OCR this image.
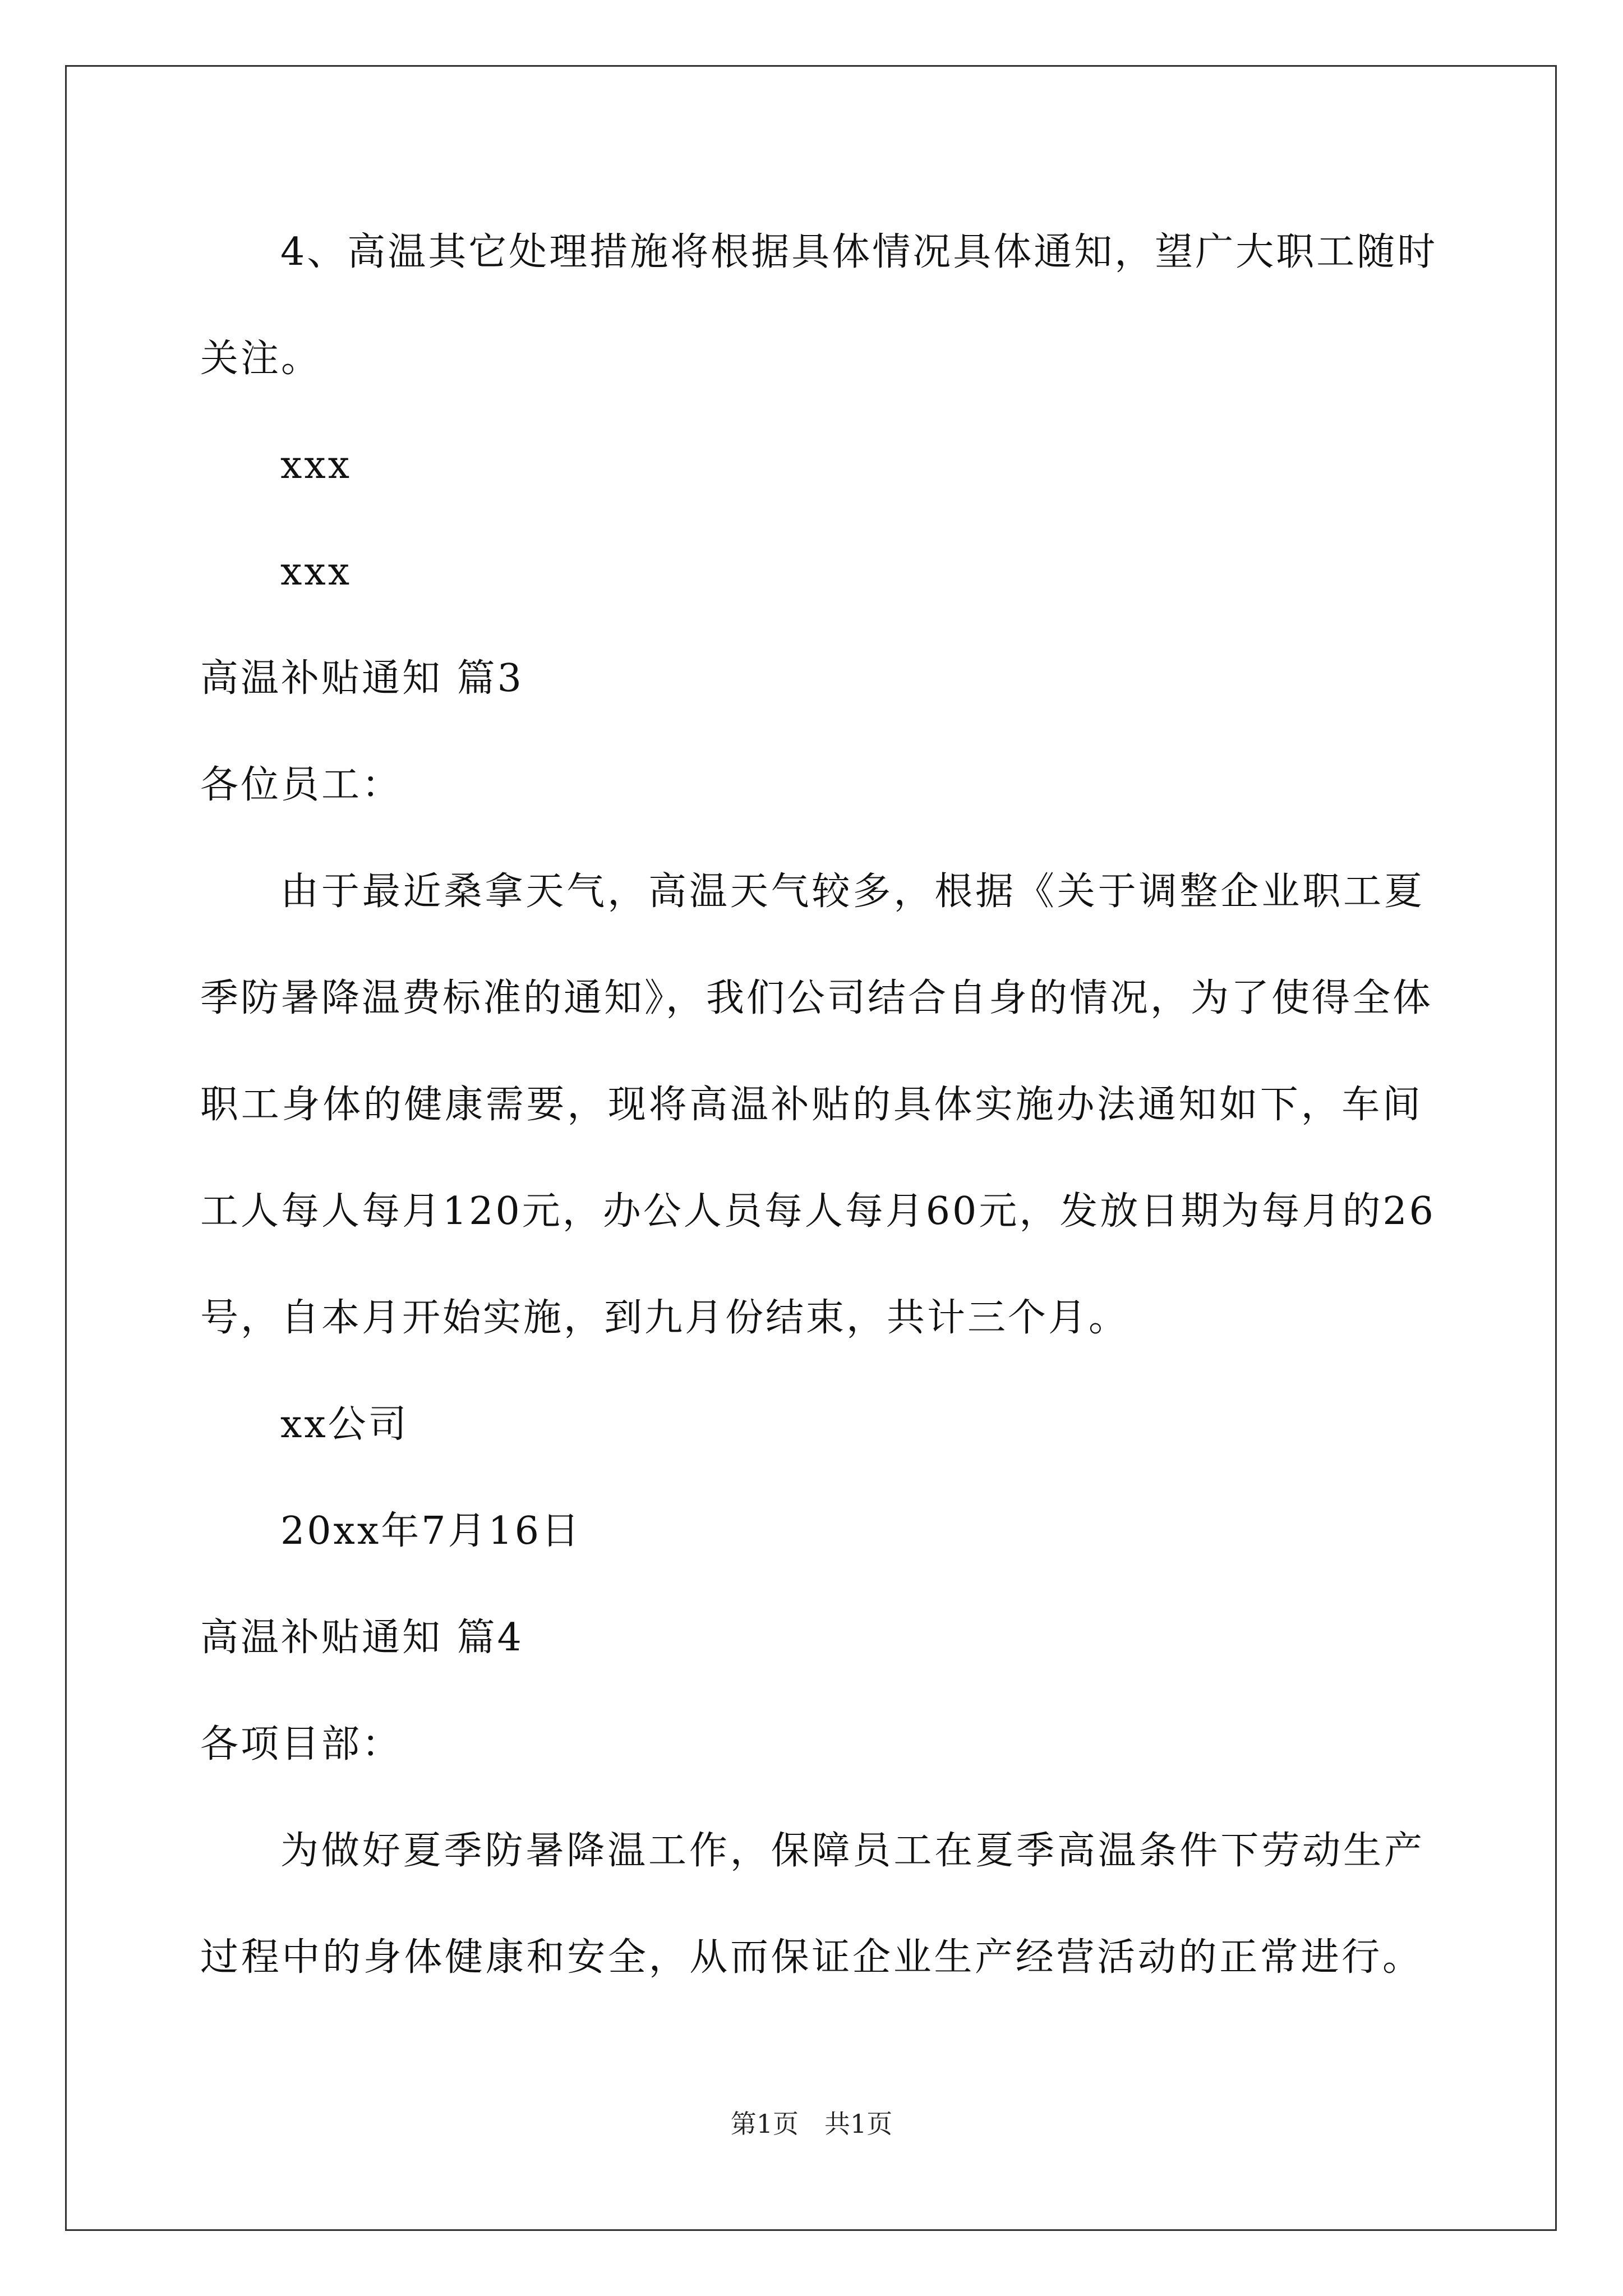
4、高温其它处理措施将根据具体情况具体通知，望广大职工随时
关注。
xxx
xxx
高温补贴通知 篇3
各位员工：
由于最近桑拿天气，高温天气较多，根据《关于调整企业职工夏
季防暑降温费标准的通知》，我们公司结合自身的情况，为了使得全体
职工身体的健康需要，现将高温补贴的具体实施办法通知如下，车间
工人每人每月120元，办公人员每人每月60元，发放日期为每月的26
号，自本月开始实施，到九月份结束，共计三个月。
xx公司
20xx年7月16日
高温补贴通知 篇4
各项目部：
为做好夏季防暑降温工作，保障员工在夏季高温条件下劳动生产
过程中的身体健康和安全，从而保证企业生产经营活动的正常进行。
第1页　共1页
